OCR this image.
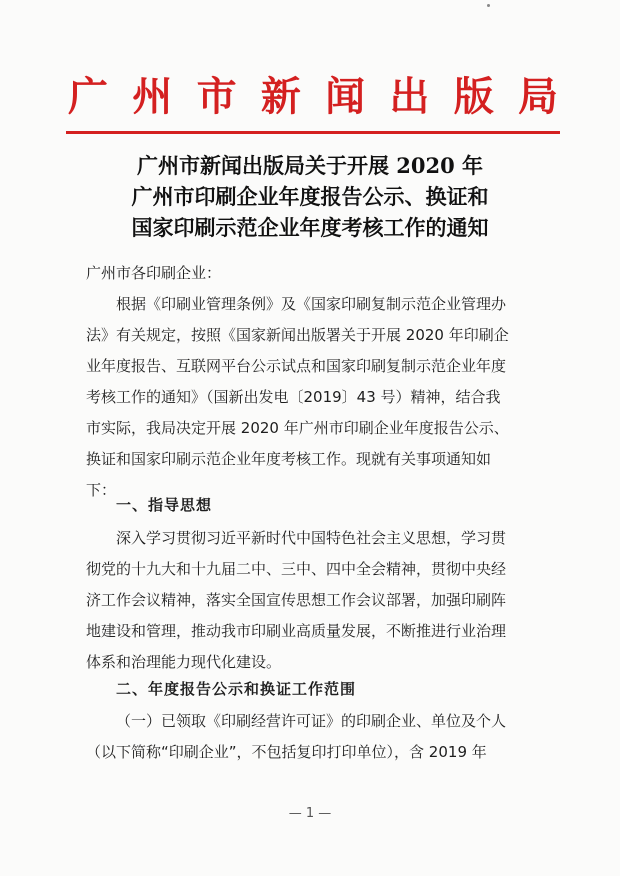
广 州 市 新 闻 出 版 局
广州市新闻出版局关于开展 2020 年
广州市印刷企业年度报告公示、换证和
国家印刷示范企业年度考核工作的通知
广州市各印刷企业：
根据《印刷业管理条例》及《国家印刷复制示范企业管理办
法》有关规定，按照《国家新闻出版署关于开展 2020 年印刷企
业年度报告、互联网平台公示试点和国家印刷复制示范企业年度
考核工作的通知》（国新出发电〔2019〕43 号）精神，结合我
市实际，我局决定开展 2020 年广州市印刷企业年度报告公示、
换证和国家印刷示范企业年度考核工作。现就有关事项通知如
下：
一、指导思想
深入学习贯彻习近平新时代中国特色社会主义思想，学习贯
彻党的十九大和十九届二中、三中、四中全会精神，贯彻中央经
济工作会议精神，落实全国宣传思想工作会议部署，加强印刷阵
地建设和管理，推动我市印刷业高质量发展，不断推进行业治理
体系和治理能力现代化建设。
二、年度报告公示和换证工作范围
（一）已领取《印刷经营许可证》的印刷企业、单位及个人
（以下简称“印刷企业”，不包括复印打印单位），含 2019 年
— 1 —
